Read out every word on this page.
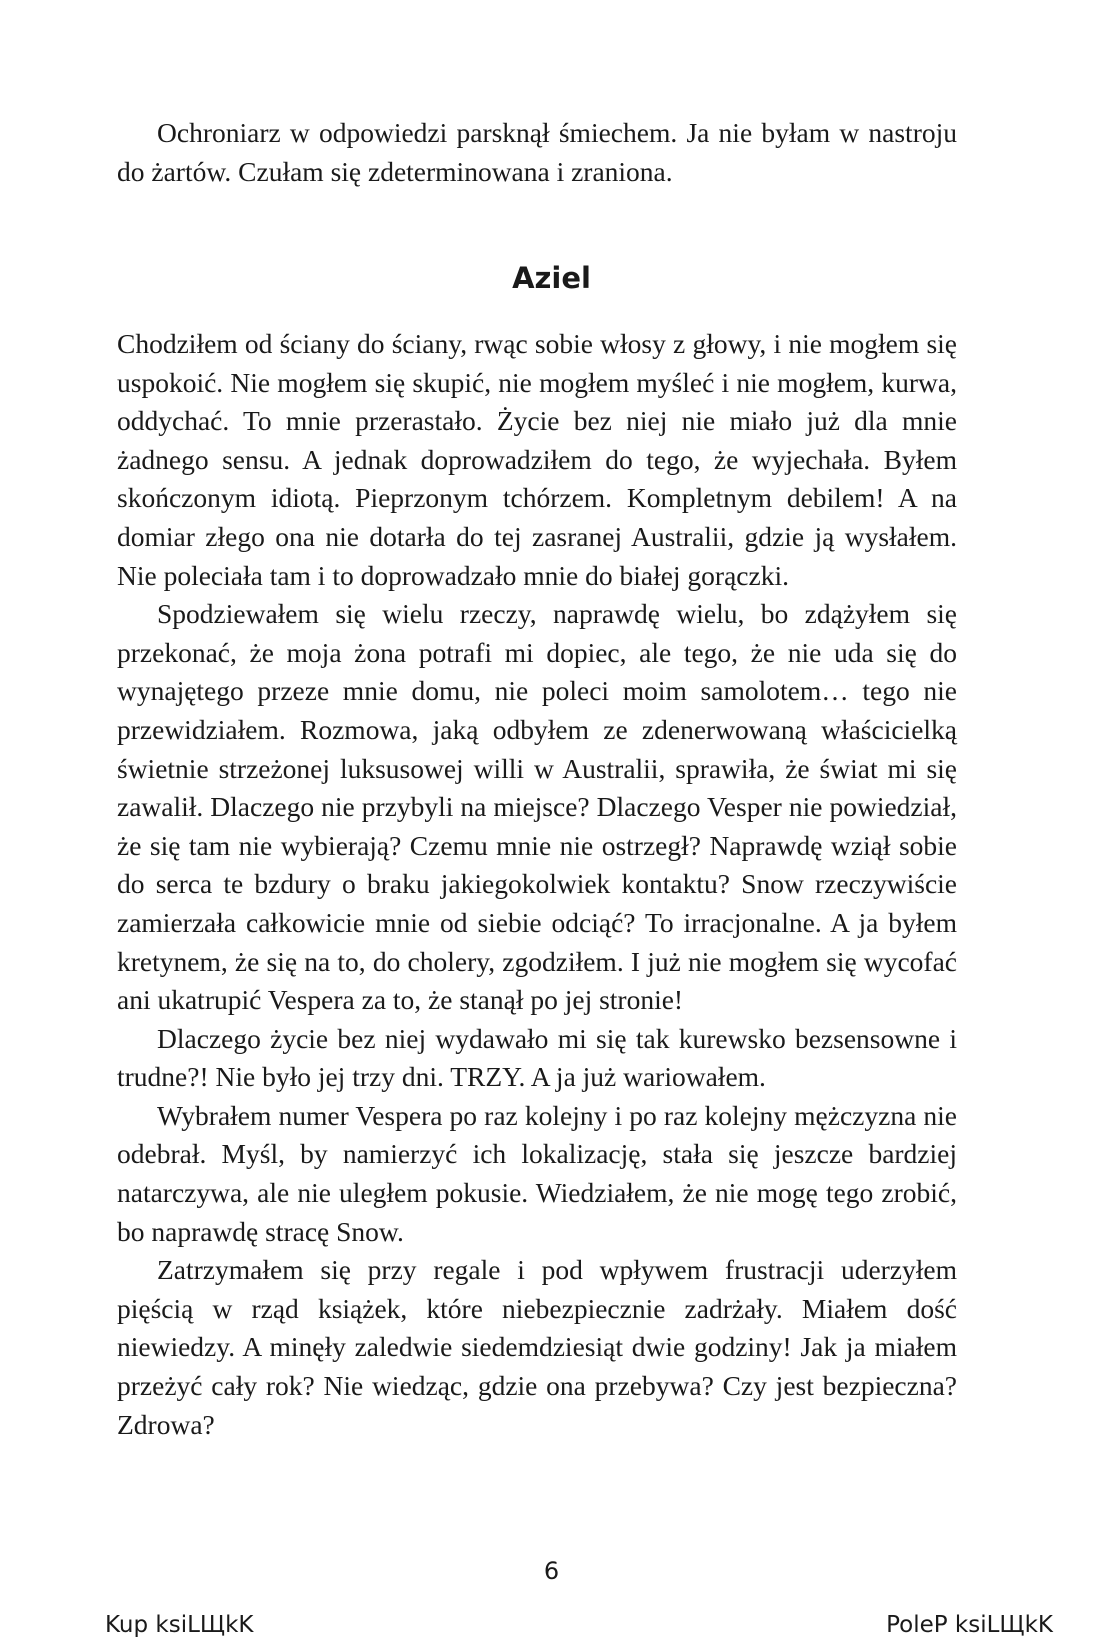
Ochroniarz w odpowiedzi parsknął śmiechem. Ja nie byłam w nastroju do żartów. Czułam się zdeterminowana i zraniona.

Aziel

Chodziłem od ściany do ściany, rwąc sobie włosy z głowy, i nie mogłem się uspokoić. Nie mogłem się skupić, nie mogłem myśleć i nie mogłem, kurwa, oddychać. To mnie przerastało. Życie bez niej nie miało już dla mnie żadnego sensu. A jednak doprowadziłem do tego, że wyjechała. Byłem skończonym idiotą. Pieprzonym tchórzem. Kompletnym debilem! A na domiar złego ona nie dotarła do tej zasranej Australii, gdzie ją wysłałem. Nie poleciała tam i to doprowadzało mnie do białej gorączki.

Spodziewałem się wielu rzeczy, naprawdę wielu, bo zdążyłem się przekonać, że moja żona potrafi mi dopiec, ale tego, że nie uda się do wynajętego przeze mnie domu, nie poleci moim samolotem… tego nie przewidziałem. Rozmowa, jaką odbyłem ze zdenerwowaną właścicielką świetnie strzeżonej luksusowej willi w Australii, sprawiła, że świat mi się zawalił. Dlaczego nie przybyli na miejsce? Dlaczego Vesper nie powiedział, że się tam nie wybierają? Czemu mnie nie ostrzegł? Naprawdę wziął sobie do serca te bzdury o braku jakiegokolwiek kontaktu? Snow rzeczywiście zamierzała całkowicie mnie od siebie odciąć? To irracjonalne. A ja byłem kretynem, że się na to, do cholery, zgodziłem. I już nie mogłem się wycofać ani ukatrupić Vespera za to, że stanął po jej stronie!

Dlaczego życie bez niej wydawało mi się tak kurewsko bezsensowne i trudne?! Nie było jej trzy dni. TRZY. A ja już wariowałem.

Wybrałem numer Vespera po raz kolejny i po raz kolejny mężczyzna nie odebrał. Myśl, by namierzyć ich lokalizację, stała się jeszcze bardziej natarczywa, ale nie uległem pokusie. Wiedziałem, że nie mogę tego zrobić, bo naprawdę stracę Snow.

Zatrzymałem się przy regale i pod wpływem frustracji uderzyłem pięścią w rząd książek, które niebezpiecznie zadrżały. Miałem dość niewiedzy. A minęły zaledwie siedemdziesiąt dwie godziny! Jak ja miałem przeżyć cały rok? Nie wiedząc, gdzie ona przebywa? Czy jest bezpieczna? Zdrowa?

6
Kup ksiLЩkK	PoleP ksiLЩkK
